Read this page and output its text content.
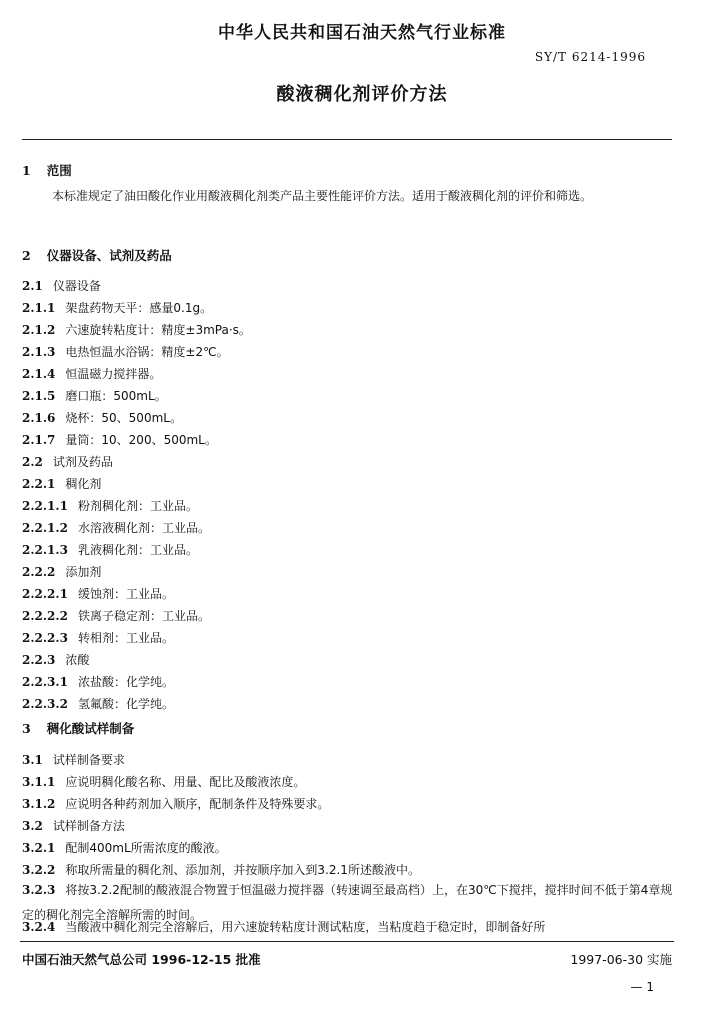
中华人民共和国石油天然气行业标准
SY/T 6214-1996
酸液稠化剂评价方法
1 范围
本标准规定了油田酸化作业用酸液稠化剂类产品主要性能评价方法。适用于酸液稠化剂的评价和筛选。
2 仪器设备、试剂及药品
2.1 仪器设备
2.1.1 架盘药物天平：感量0.1g。
2.1.2 六速旋转粘度计：精度±3mPa·s。
2.1.3 电热恒温水浴锅：精度±2℃。
2.1.4 恒温磁力搅拌器。
2.1.5 磨口瓶：500mL。
2.1.6 烧杯：50、500mL。
2.1.7 量筒：10、200、500mL。
2.2 试剂及药品
2.2.1 稠化剂
2.2.1.1 粉剂稠化剂：工业品。
2.2.1.2 水溶液稠化剂：工业品。
2.2.1.3 乳液稠化剂：工业品。
2.2.2 添加剂
2.2.2.1 缓蚀剂：工业品。
2.2.2.2 铁离子稳定剂：工业品。
2.2.2.3 转相剂：工业品。
2.2.3 浓酸
2.2.3.1 浓盐酸：化学纯。
2.2.3.2 氢氟酸：化学纯。
3 稠化酸试样制备
3.1 试样制备要求
3.1.1 应说明稠化酸名称、用量、配比及酸液浓度。
3.1.2 应说明各种药剂加入顺序，配制条件及特殊要求。
3.2 试样制备方法
3.2.1 配制400mL所需浓度的酸液。
3.2.2 称取所需量的稠化剂、添加剂，并按顺序加入到3.2.1所述酸液中。
3.2.3 将按3.2.2配制的酸液混合物置于恒温磁力搅拌器（转速调至最高档）上，在30℃下搅拌，搅拌时间不低于第4章规定的稠化剂完全溶解所需的时间。
3.2.4 当酸液中稠化剂完全溶解后，用六速旋转粘度计测试粘度，当粘度趋于稳定时，即制备好所
中国石油天然气总公司 1996-12-15 批准	1997-06-30 实施
— 1
